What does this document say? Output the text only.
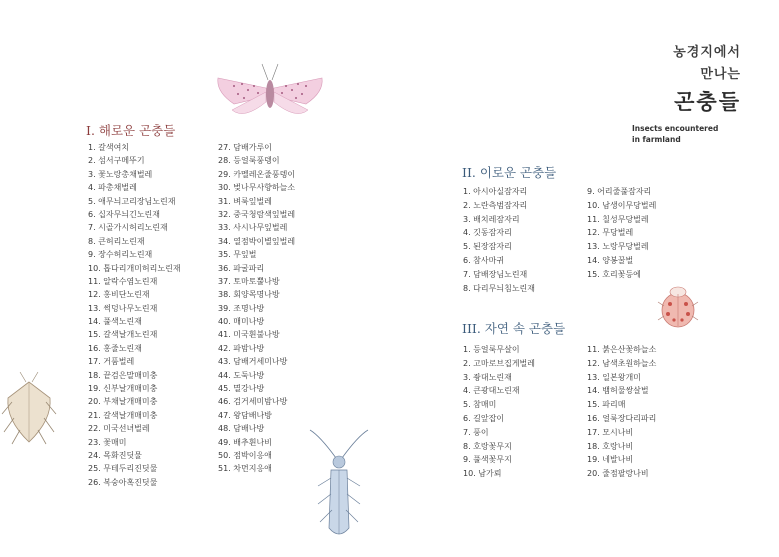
농경지에서
만나는
곤충들
Insects encountered
in farmland
I. 해로운 곤충들
1. 갈색여치
2. 섬서구메뚜기
3. 꽃노랑총채벌레
4. 파총채벌레
5. 애무늬고리장님노린재
6. 십자무늬긴노린재
7. 시골가시허리노린재
8. 큰허리노린재
9. 장수허리노린재
10. 톱다리개미허리노린재
11. 알락수염노린재
12. 홍비단노린재
13. 썩덩나무노린재
14. 풀색노린재
15. 갈색날개노린재
16. 홍줄노린재
17. 거품벌레
18. 끝검은말매미충
19. 신부날개매미충
20. 부채날개매미충
21. 갈색날개매미충
22. 미국선녀벌레
23. 꽃매미
24. 목화진딧물
25. 무테두리진딧물
26. 복숭아혹진딧물
27. 담배가루이
28. 등얼룩풍뎅이
29. 카멜레온줄풍뎅이
30. 벚나무사향하늘소
31. 벼룩잎벌레
32. 중국청람색잎벌레
33. 사시나무잎벌레
34. 열점박이별잎벌레
35. 무잎벌
36. 파굴파리
37. 토마토뿔나방
38. 회양목명나방
39. 조명나방
40. 매미나방
41. 미국흰불나방
42. 파밤나방
43. 담배거세미나방
44. 도둑나방
45. 멸강나방
46. 검거세미밤나방
47. 왕담배나방
48. 담배나방
49. 배추흰나비
50. 점박이응애
51. 차먼지응애
II. 이로운 곤충들
1. 아시아실잠자리
2. 노란측범잠자리
3. 배치레잠자리
4. 깃동잠자리
5. 된장잠자리
6. 참사마귀
7. 담배장님노린재
8. 다리무늬침노린재
9. 어리줄풀잠자리
10. 남생이무당벌레
11. 칠성무당벌레
12. 무당벌레
13. 노랑무당벌레
14. 양봉꿀벌
15. 호리꽃등에
III. 자연 속 곤충들
1. 등얼룩무살이
2. 고마로브집게벌레
3. 좡대노린재
4. 큰광대노린재
5. 참매미
6. 길앞잡이
7. 풍이
8. 호랑꽃무지
9. 풀색꽃무지
10. 남가뢰
11. 붉은산꽃하늘소
12. 남색초원하늘소
13. 일본왕개미
14. 뱀허물쌍살벌
15. 파리매
16. 얼룩장다리파리
17. 모시나비
18. 호랑나비
19. 네발나비
20. 줄점팔랑나비
